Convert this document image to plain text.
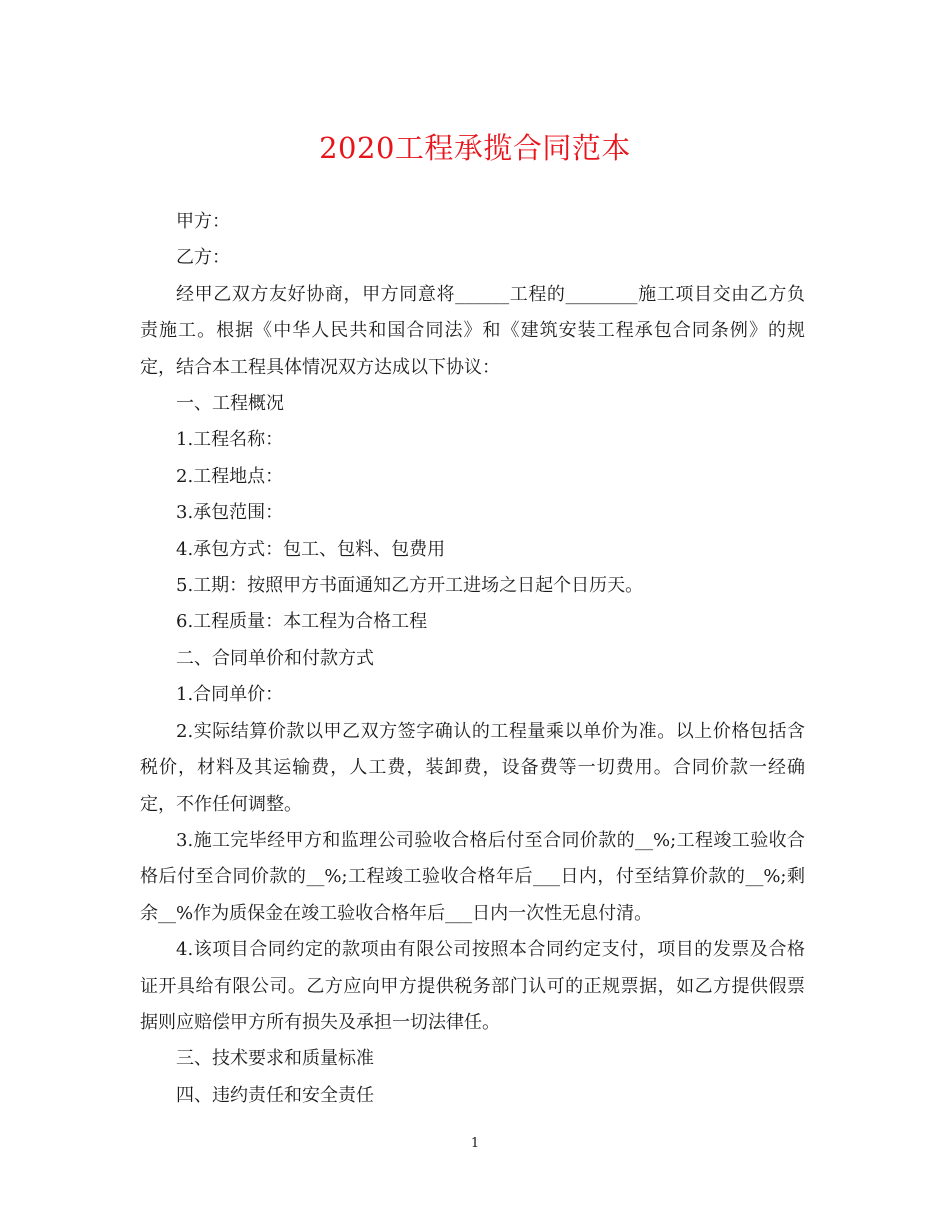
2020工程承揽合同范本

甲方：

乙方：

经甲乙双方友好协商，甲方同意将______工程的________施工项目交由乙方负责施工。根据《中华人民共和国合同法》和《建筑安装工程承包合同条例》的规定，结合本工程具体情况双方达成以下协议：

一、工程概况

1.工程名称：

2.工程地点：

3.承包范围：

4.承包方式：包工、包料、包费用

5.工期：按照甲方书面通知乙方开工进场之日起个日历天。

6.工程质量：本工程为合格工程

二、合同单价和付款方式

1.合同单价：

2.实际结算价款以甲乙双方签字确认的工程量乘以单价为准。以上价格包括含税价，材料及其运输费，人工费，装卸费，设备费等一切费用。合同价款一经确定，不作任何调整。

3.施工完毕经甲方和监理公司验收合格后付至合同价款的__%;工程竣工验收合格后付至合同价款的__%;工程竣工验收合格年后___日内，付至结算价款的__%;剩余__%作为质保金在竣工验收合格年后___日内一次性无息付清。

4.该项目合同约定的款项由有限公司按照本合同约定支付，项目的发票及合格证开具给有限公司。乙方应向甲方提供税务部门认可的正规票据，如乙方提供假票据则应赔偿甲方所有损失及承担一切法律任。

三、技术要求和质量标准

四、违约责任和安全责任

1
